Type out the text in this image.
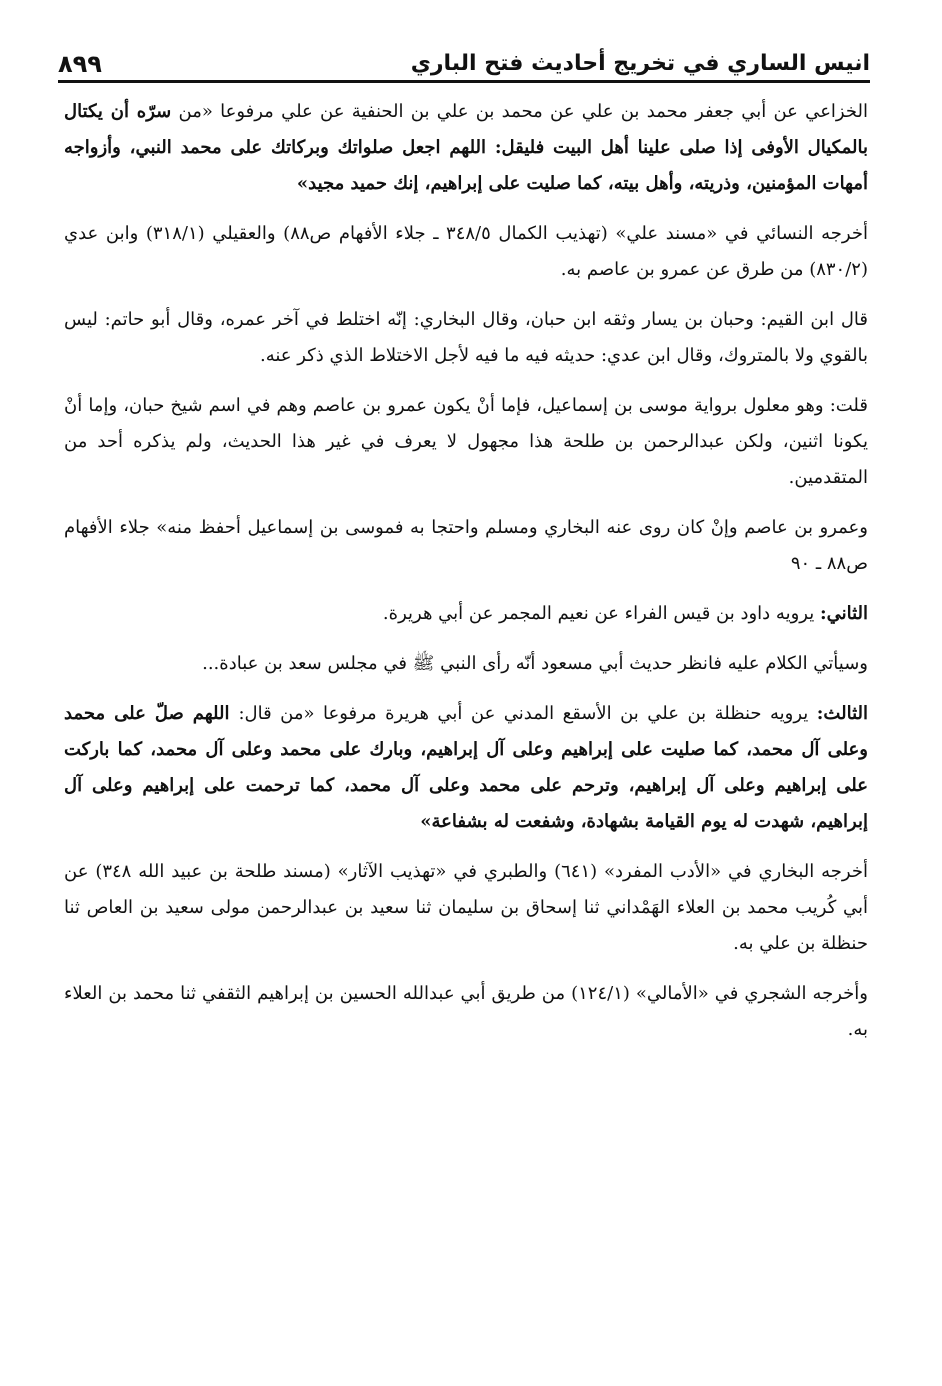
انيس الساري في تخريج أحاديث فتح الباري
٨٩٩

الخزاعي عن أبي جعفر محمد بن علي عن محمد بن علي بن الحنفية عن علي مرفوعا «من سرّه أن يكتال بالمكيال الأوفى إذا صلى علينا أهل البيت فليقل: اللهم اجعل صلواتك وبركاتك على محمد النبي، وأزواجه أمهات المؤمنين، وذريته، وأهل بيته، كما صليت على إبراهيم، إنك حميد مجيد»

أخرجه النسائي في «مسند علي» (تهذيب الكمال ٣٤٨/٥ ـ جلاء الأفهام ص٨٨) والعقيلي (٣١٨/١) وابن عدي (٨٣٠/٢) من طرق عن عمرو بن عاصم به.

قال ابن القيم: وحبان بن يسار وثقه ابن حبان، وقال البخاري: إنّه اختلط في آخر عمره، وقال أبو حاتم: ليس بالقوي ولا بالمتروك، وقال ابن عدي: حديثه فيه ما فيه لأجل الاختلاط الذي ذكر عنه.

قلت: وهو معلول برواية موسى بن إسماعيل، فإما أنْ يكون عمرو بن عاصم وهم في اسم شيخ حبان، وإما أنْ يكونا اثنين، ولكن عبدالرحمن بن طلحة هذا مجهول لا يعرف في غير هذا الحديث، ولم يذكره أحد من المتقدمين.

وعمرو بن عاصم وإنْ كان روى عنه البخاري ومسلم واحتجا به فموسى بن إسماعيل أحفظ منه» جلاء الأفهام ص٨٨ ـ ٩٠

الثاني: يرويه داود بن قيس الفراء عن نعيم المجمر عن أبي هريرة.

وسيأتي الكلام عليه فانظر حديث أبي مسعود أنّه رأى النبي ﷺ في مجلس سعد بن عبادة...

الثالث: يرويه حنظلة بن علي بن الأسقع المدني عن أبي هريرة مرفوعا «من قال: اللهم صلّ على محمد وعلى آل محمد، كما صليت على إبراهيم وعلى آل إبراهيم، وبارك على محمد وعلى آل محمد، كما باركت على إبراهيم وعلى آل إبراهيم، وترحم على محمد وعلى آل محمد، كما ترحمت على إبراهيم وعلى آل إبراهيم، شهدت له يوم القيامة بشهادة، وشفعت له بشفاعة»

أخرجه البخاري في «الأدب المفرد» (٦٤١) والطبري في «تهذيب الآثار» (مسند طلحة بن عبيد الله ٣٤٨) عن أبي كُريب محمد بن العلاء الهَمْداني ثنا إسحاق بن سليمان ثنا سعيد بن عبدالرحمن مولى سعيد بن العاص ثنا حنظلة بن علي به.

وأخرجه الشجري في «الأمالي» (١٢٤/١) من طريق أبي عبدالله الحسين بن إبراهيم الثقفي ثنا محمد بن العلاء به.
